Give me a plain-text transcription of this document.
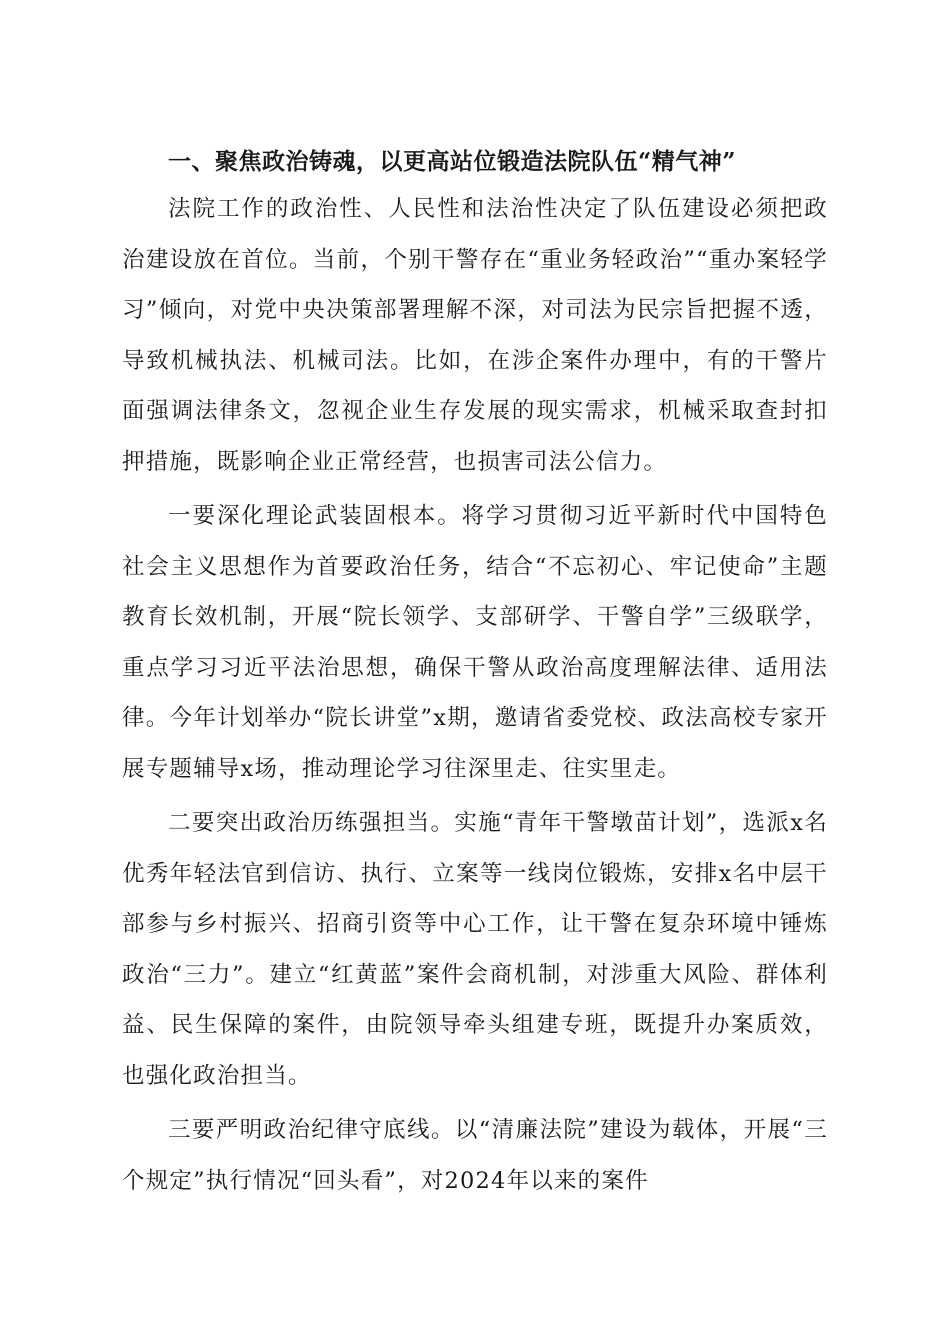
一、聚焦政治铸魂，以更高站位锻造法院队伍“精气神”

法院工作的政治性、人民性和法治性决定了队伍建设必须把政治建设放在首位。当前，个别干警存在“重业务轻政治”“重办案轻学习”倾向，对党中央决策部署理解不深，对司法为民宗旨把握不透，导致机械执法、机械司法。比如，在涉企案件办理中，有的干警片面强调法律条文，忽视企业生存发展的现实需求，机械采取查封扣押措施，既影响企业正常经营，也损害司法公信力。

一要深化理论武装固根本。将学习贯彻习近平新时代中国特色社会主义思想作为首要政治任务，结合“不忘初心、牢记使命”主题教育长效机制，开展“院长领学、支部研学、干警自学”三级联学，重点学习习近平法治思想，确保干警从政治高度理解法律、适用法律。今年计划举办“院长讲堂”x期，邀请省委党校、政法高校专家开展专题辅导x场，推动理论学习往深里走、往实里走。

二要突出政治历练强担当。实施“青年干警墩苗计划”，选派x名优秀年轻法官到信访、执行、立案等一线岗位锻炼，安排x名中层干部参与乡村振兴、招商引资等中心工作，让干警在复杂环境中锤炼政治“三力”。建立“红黄蓝”案件会商机制，对涉重大风险、群体利益、民生保障的案件，由院领导牵头组建专班，既提升办案质效，也强化政治担当。

三要严明政治纪律守底线。以“清廉法院”建设为载体，开展“三个规定”执行情况“回头看”，对2024年以来的案件
